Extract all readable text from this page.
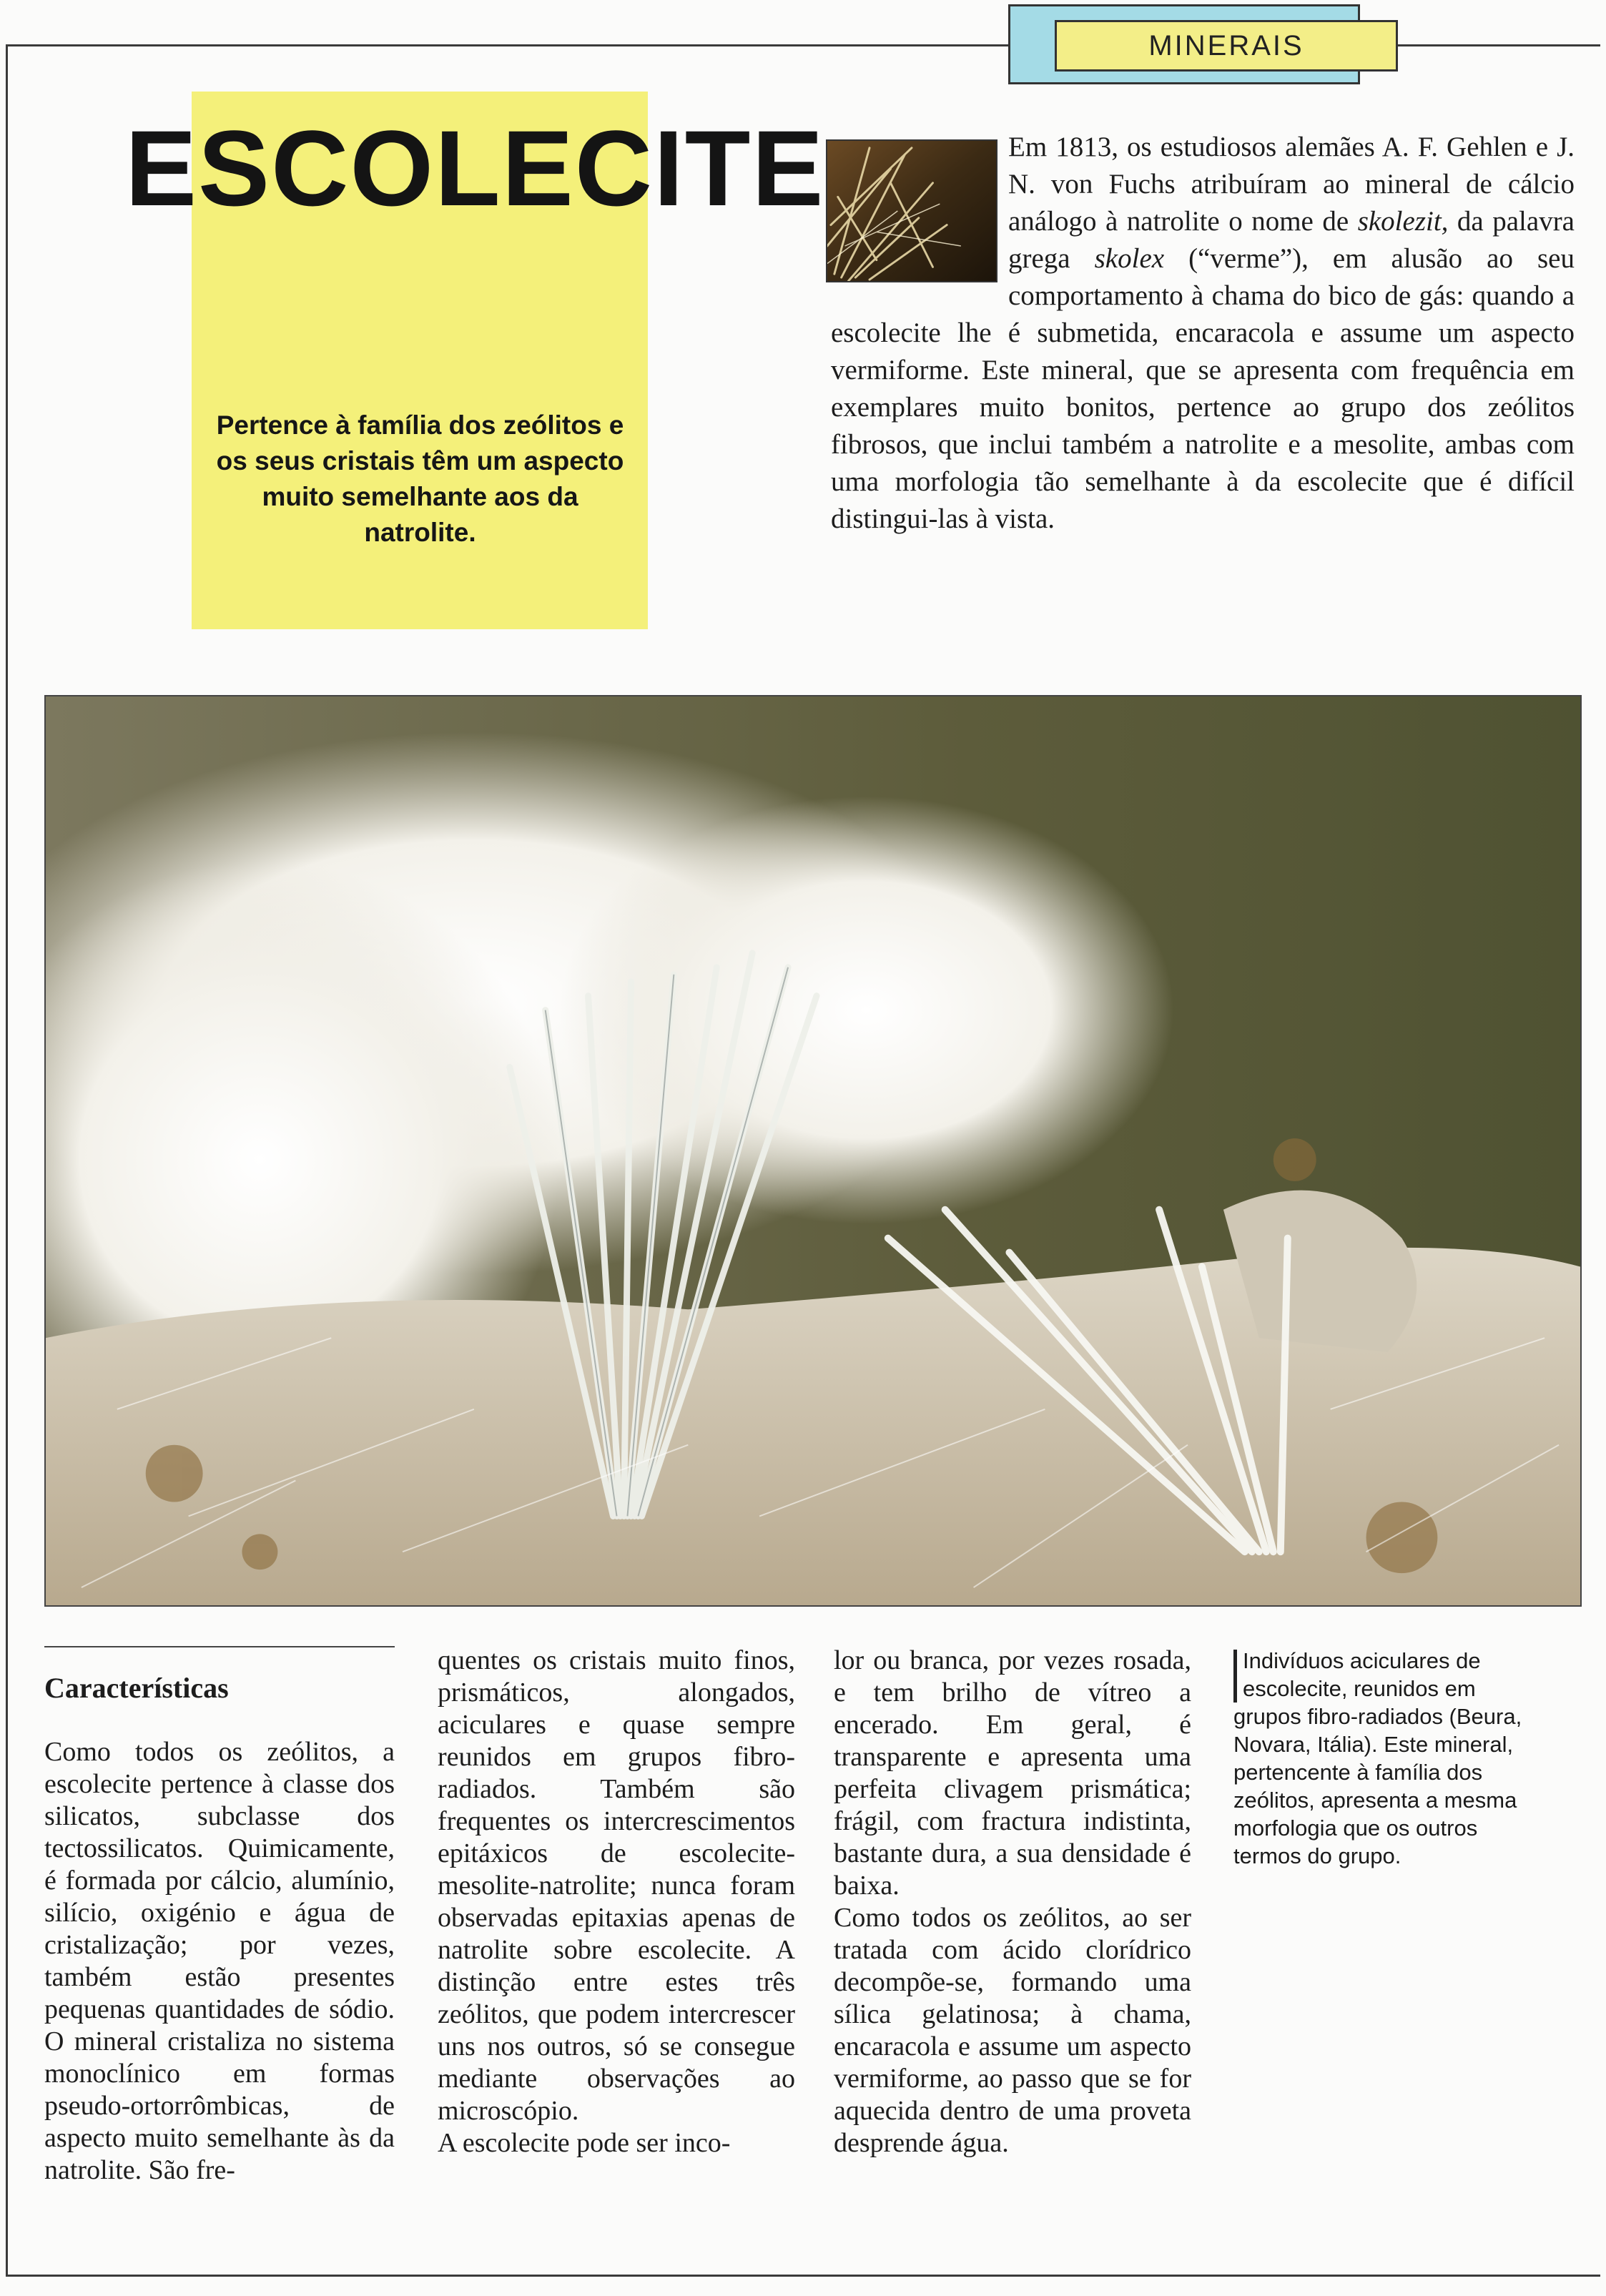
MINERAIS
ESCOLECITE

Pertence à família dos zeólitos e os seus cristais têm um aspecto muito semelhante aos da natrolite.

Em 1813, os estudiosos alemães A. F. Gehlen e J. N. von Fuchs atribuíram ao mineral de cálcio análogo à natrolite o nome de skolezit, da palavra grega skolex (“verme”), em alusão ao seu comportamento à chama do bico de gás: quando a escolecite lhe é submetida, encaracola e assume um aspecto vermiforme. Este mineral, que se apresenta com frequência em exemplares muito bonitos, pertence ao grupo dos zeólitos fibrosos, que inclui também a natrolite e a mesolite, ambas com uma morfologia tão semelhante à da escolecite que é difícil distingui-las à vista.

Características

Como todos os zeólitos, a escolecite pertence à classe dos silicatos, subclasse dos tectossilicatos. Quimicamente, é formada por cálcio, alumínio, silício, oxigénio e água de cristalização; por vezes, também estão presentes pequenas quantidades de sódio. O mineral cristaliza no sistema monoclínico em formas pseudo-ortorrômbicas, de aspecto muito semelhante às da natrolite. São fre-

quentes os cristais muito finos, prismáticos, alongados, aciculares e quase sempre reunidos em grupos fibro-radiados. Também são frequentes os intercrescimentos epitáxicos de escolecite-mesolite-natrolite; nunca foram observadas epitaxias apenas de natrolite sobre escolecite. A distinção entre estes três zeólitos, que podem intercrescer uns nos outros, só se consegue mediante observações ao microscópio.

A escolecite pode ser inco-

lor ou branca, por vezes rosada, e tem brilho de vítreo a encerado. Em geral, é transparente e apresenta uma perfeita clivagem prismática; frágil, com fractura indistinta, bastante dura, a sua densidade é baixa.

Como todos os zeólitos, ao ser tratada com ácido clorídrico decompõe-se, formando uma sílica gelatinosa; à chama, encaracola e assume um aspecto vermiforme, ao passo que se for aquecida dentro de uma proveta desprende água.

Indivíduos aciculares de escolecite, reunidos em grupos fibro-radiados (Beura, Novara, Itália). Este mineral, pertencente à família dos zeólitos, apresenta a mesma morfologia que os outros termos do grupo.
